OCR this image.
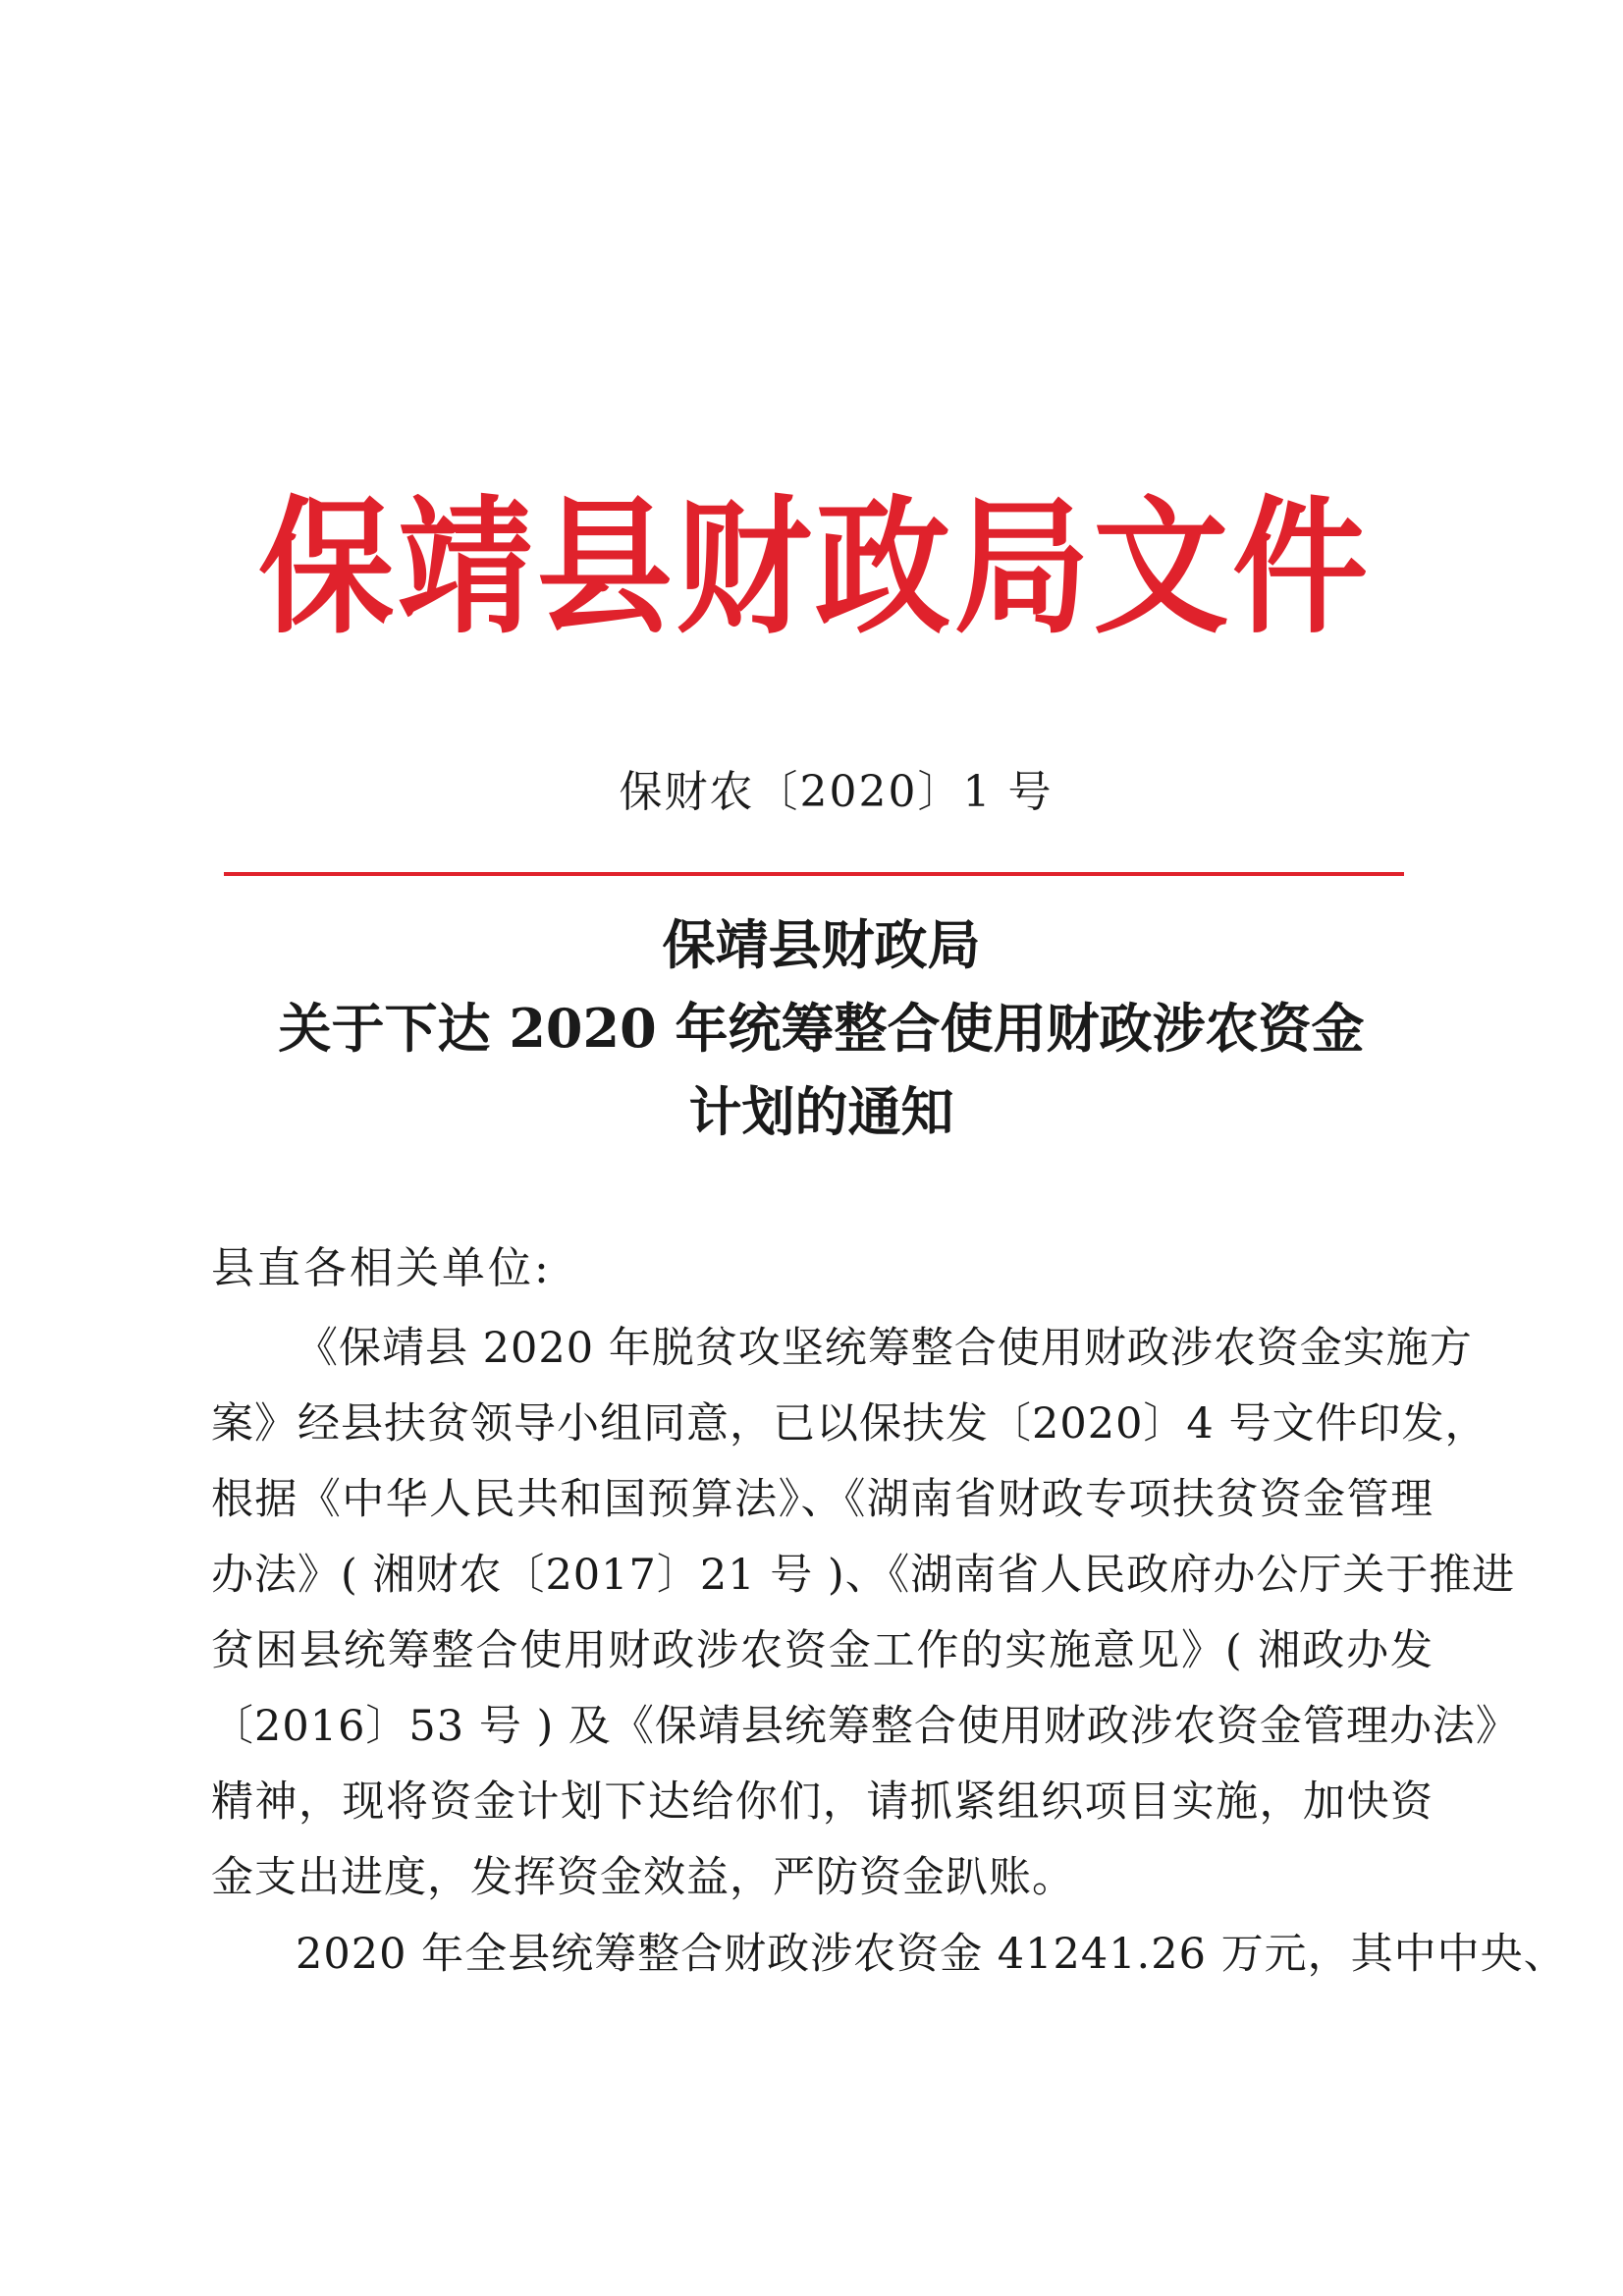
保靖县财政局文件
保财农〔2020〕1 号
保靖县财政局
关于下达 2020 年统筹整合使用财政涉农资金
计划的通知
县直各相关单位:
《保靖县 2020 年脱贫攻坚统筹整合使用财政涉农资金实施方
案》经县扶贫领导小组同意，已以保扶发〔2020〕4 号文件印发，
根据《中华人民共和国预算法》、《湖南省财政专项扶贫资金管理
办法》( 湘财农〔2017〕21 号 )、《湖南省人民政府办公厅关于推进
贫困县统筹整合使用财政涉农资金工作的实施意见》( 湘政办发
〔2016〕53 号 ) 及《保靖县统筹整合使用财政涉农资金管理办法》
精神，现将资金计划下达给你们，请抓紧组织项目实施，加快资
金支出进度，发挥资金效益，严防资金趴账。
2020 年全县统筹整合财政涉农资金 41241.26 万元，其中中央、
